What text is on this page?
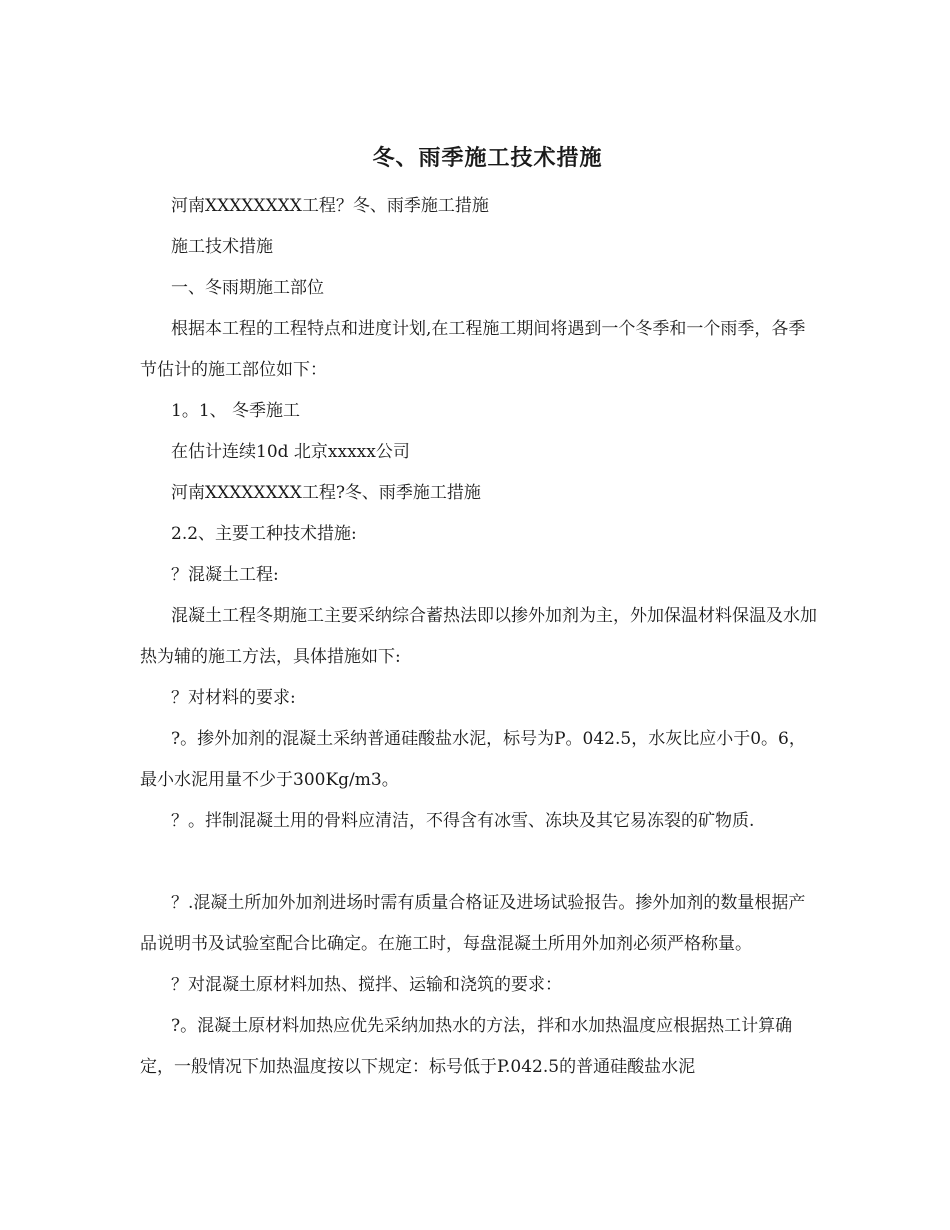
冬、雨季施工技术措施

河南XXXXXXXX工程？冬、雨季施工措施

施工技术措施

一、冬雨期施工部位

根据本工程的工程特点和进度计划,在工程施工期间将遇到一个冬季和一个雨季，各季节估计的施工部位如下：

1。1、 冬季施工

在估计连续10d 北京xxxxx公司

河南XXXXXXXX工程?冬、雨季施工措施

2.2、主要工种技术措施:

？混凝土工程:

混凝土工程冬期施工主要采纳综合蓄热法即以掺外加剂为主，外加保温材料保温及水加热为辅的施工方法，具体措施如下:

？对材料的要求:

?。掺外加剂的混凝土采纳普通硅酸盐水泥，标号为P。042.5，水灰比应小于0。6，最小水泥用量不少于300Kg/m3。

？。拌制混凝土用的骨料应清洁，不得含有冰雪、冻块及其它易冻裂的矿物质.

？.混凝土所加外加剂进场时需有质量合格证及进场试验报告。掺外加剂的数量根据产品说明书及试验室配合比确定。在施工时，每盘混凝土所用外加剂必须严格称量。

？对混凝土原材料加热、搅拌、运输和浇筑的要求：

?。混凝土原材料加热应优先采纳加热水的方法，拌和水加热温度应根据热工计算确定，一般情况下加热温度按以下规定：标号低于P.042.5的普通硅酸盐水泥
